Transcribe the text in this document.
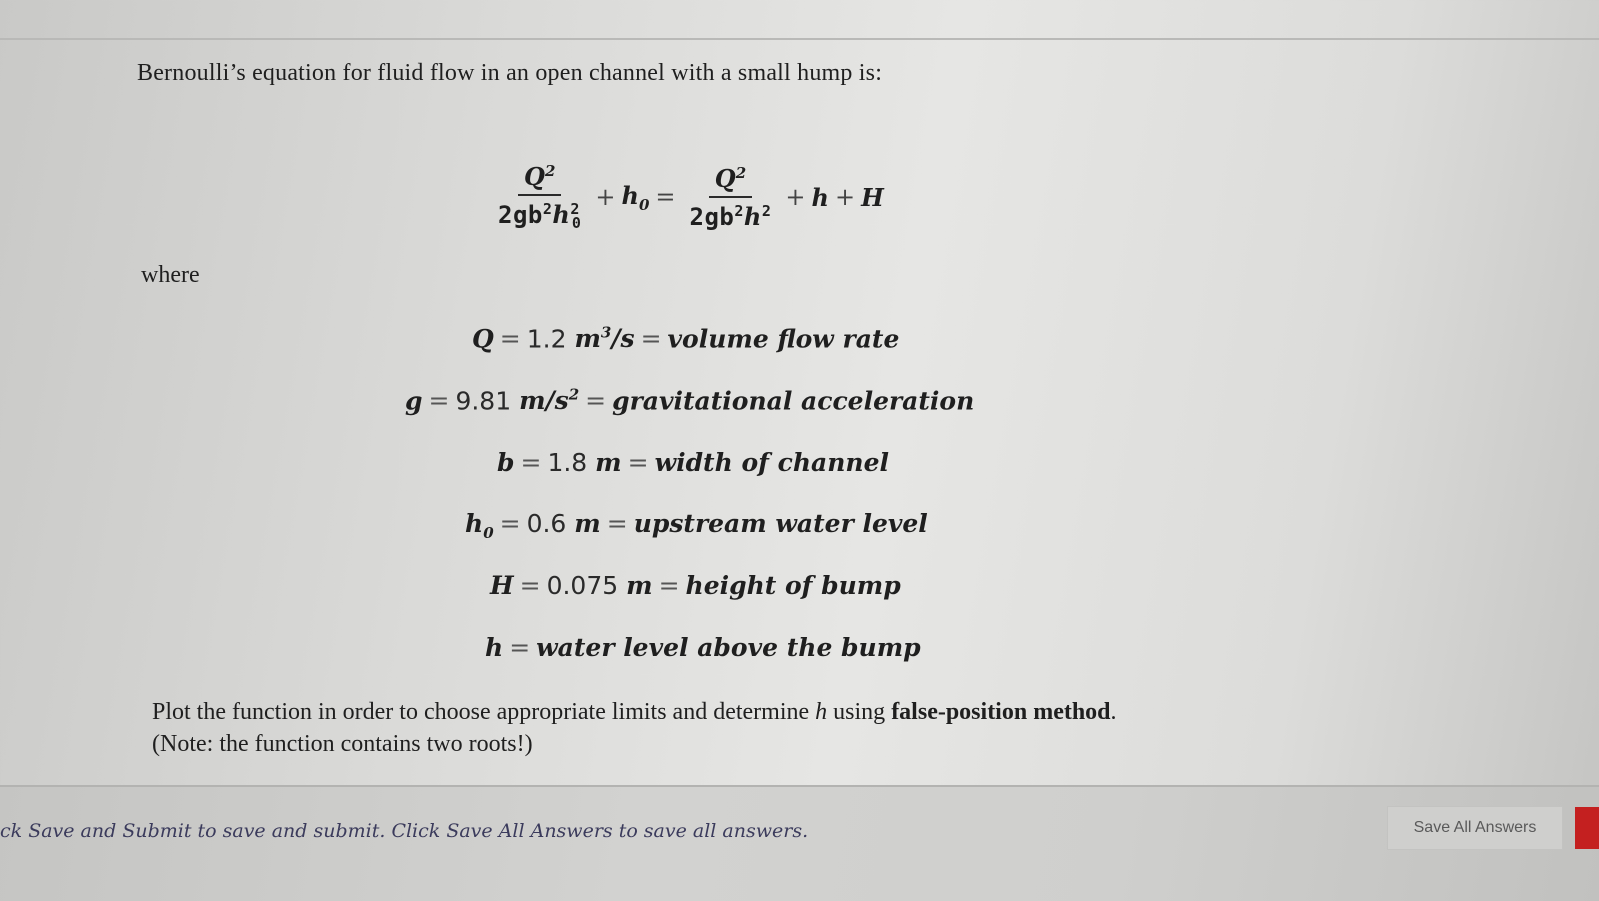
Bernoulli’s equation for fluid flow in an open channel with a small hump is:
$\frac{Q^2}{2gb^2h^2_0} + h_0 = \frac{Q^2}{2gb^2h^2} + h + H$
where
Q = 1.2 $m^3/s$ = volume flow rate
g = 9.81 $m/s^2$ = gravitational acceleration
b = 1.8 m = width of channel
$h_0 = 0.6$ m = upstream water level
H = 0.075 m = height of bump
h = water level above the bump
Plot the function in order to choose appropriate limits and determine h using false-position method. (Note: the function contains two roots!)
ck Save and Submit to save and submit. Click Save All Answers to save all answers.	Save All Answers
